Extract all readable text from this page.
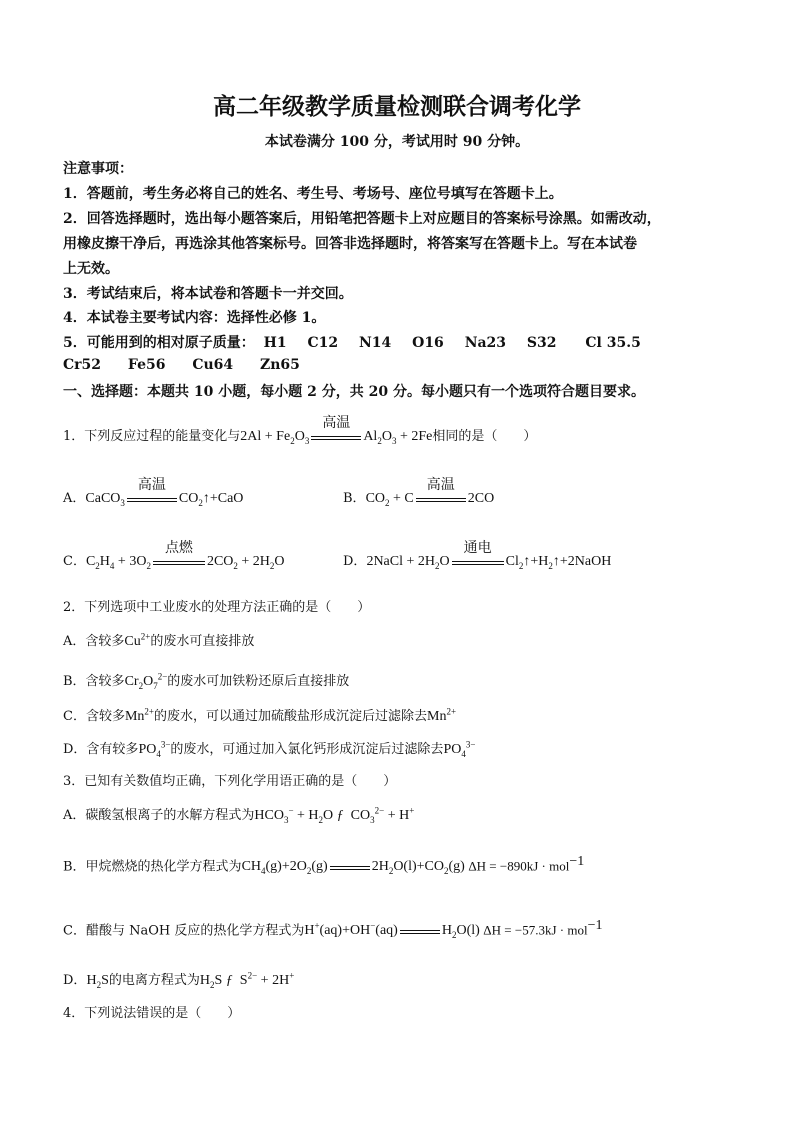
高二年级教学质量检测联合调考化学
本试卷满分 100 分，考试用时 90 分钟。
注意事项：
1．答题前，考生务必将自己的姓名、考生号、考场号、座位号填写在答题卡上。
2．回答选择题时，选出每小题答案后，用铅笔把答题卡上对应题目的答案标号涂黑。如需改动，
用橡皮擦干净后，再选涂其他答案标号。回答非选择题时，将答案写在答题卡上。写在本试卷
上无效。
3．考试结束后，将本试卷和答题卡一并交回。
4．本试卷主要考试内容：选择性必修 1。
5．可能用到的相对原子质量： H1 C12 N14 O16 Na23 S32 Cl 35.5
Cr52 Fe56 Cu64 Zn65
一、选择题：本题共 10 小题，每小题 2 分，共 20 分。每小题只有一个选项符合题目要求。
1．下列反应过程的能量变化与$2Al + Fe_2O_3$
高温
$Al_2O_3 + 2Fe$相同的是（　　）
A．CaCO$_3$
高温
$CO_2↑+CaO$	B．$CO_2 + C$
高温
2CO
C．$C_2H_4 + 3O_2$
点燃
$2CO_2 + 2H_2O$	D．2NaCl + $2H_2O$
通电
$Cl_2↑+H_2↑+2NaOH$
2．下列选项中工业废水的处理方法正确的是（　　）
A．含较多$Cu^{2+}$的废水可直接排放
B．含较多$Cr_2O_7^{2-}$的废水可加铁粉还原后直接排放
C．含较多$Mn^{2+}$的废水，可以通过加硫酸盐形成沉淀后过滤除去$Mn^{2+}$
D．含有较多$PO_4^{3-}$的废水，可通过加入氯化钙形成沉淀后过滤除去$PO_4^{3-}$
3．已知有关数值均正确，下列化学用语正确的是（　　）
A．碳酸氢根离子的水解方程式为$HCO_3^- + H_2O$ ƒ  $CO_3^{2-} + H^+$
B．甲烷燃烧的热化学方程式为$CH_4(g)+2O_2(g)$	$2H_2O(l)+CO_2(g) \Delta H = -890kJ \cdot mol^{-1}$
C．醋酸与 NaOH 反应的热化学方程式为H+(aq)+OH−(aq)	$H_2O(l) \Delta H = -57.3kJ \cdot mol^{-1}$
D．$H_2S$的电离方程式为$H_2S$ ƒ  $S^{2-} + 2H^+$
4．下列说法错误的是（　　）
